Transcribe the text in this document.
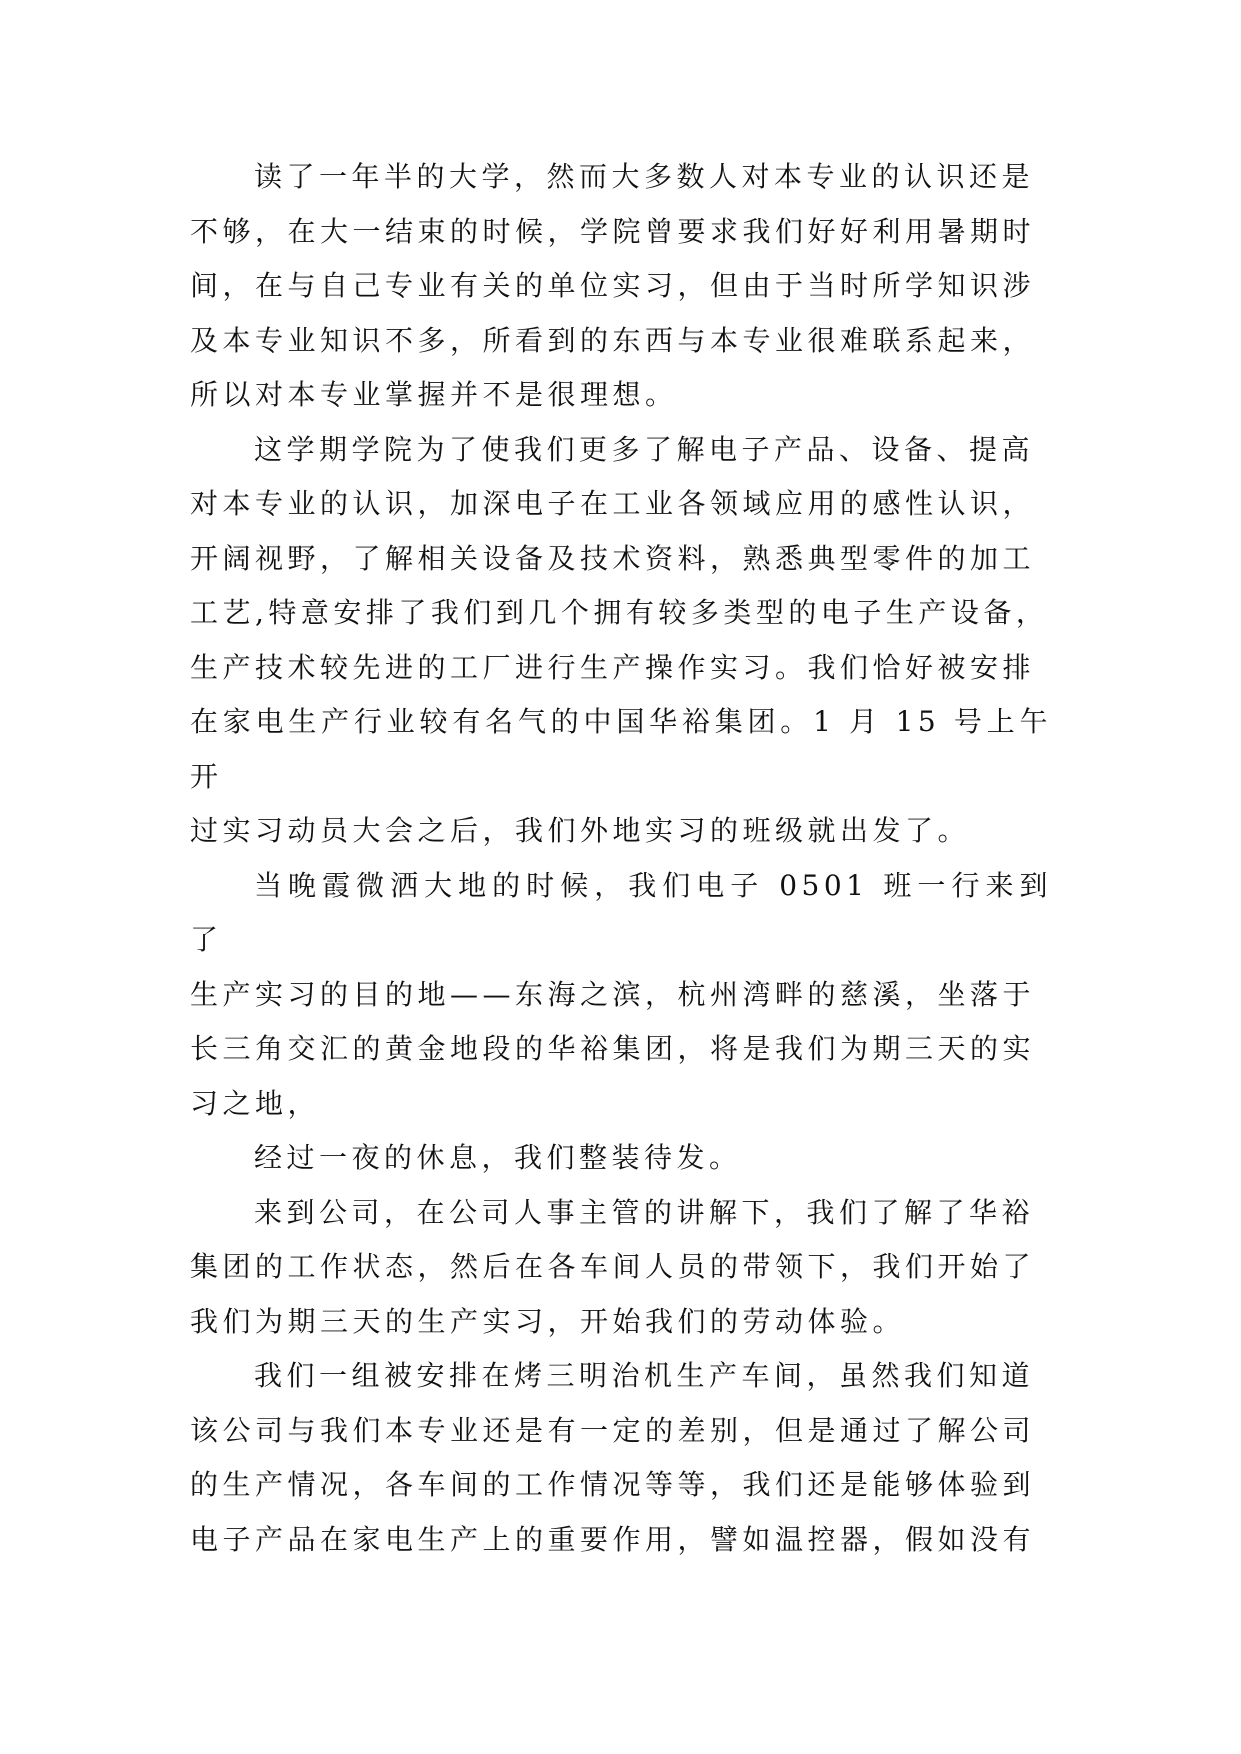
读了一年半的大学，然而大多数人对本专业的认识还是
不够，在大一结束的时候，学院曾要求我们好好利用暑期时
间，在与自己专业有关的单位实习，但由于当时所学知识涉
及本专业知识不多，所看到的东西与本专业很难联系起来，
所以对本专业掌握并不是很理想。

这学期学院为了使我们更多了解电子产品、设备、提高
对本专业的认识，加深电子在工业各领域应用的感性认识，
开阔视野，了解相关设备及技术资料，熟悉典型零件的加工
工艺,特意安排了我们到几个拥有较多类型的电子生产设备，
生产技术较先进的工厂进行生产操作实习。我们恰好被安排
在家电生产行业较有名气的中国华裕集团。1 月 15 号上午开
过实习动员大会之后，我们外地实习的班级就出发了。

当晚霞微洒大地的时候，我们电子 0501 班一行来到了
生产实习的目的地——东海之滨，杭州湾畔的慈溪，坐落于
长三角交汇的黄金地段的华裕集团，将是我们为期三天的实
习之地，

经过一夜的休息，我们整装待发。

来到公司，在公司人事主管的讲解下，我们了解了华裕
集团的工作状态，然后在各车间人员的带领下，我们开始了
我们为期三天的生产实习，开始我们的劳动体验。

我们一组被安排在烤三明治机生产车间，虽然我们知道
该公司与我们本专业还是有一定的差别，但是通过了解公司
的生产情况，各车间的工作情况等等，我们还是能够体验到
电子产品在家电生产上的重要作用，譬如温控器，假如没有
